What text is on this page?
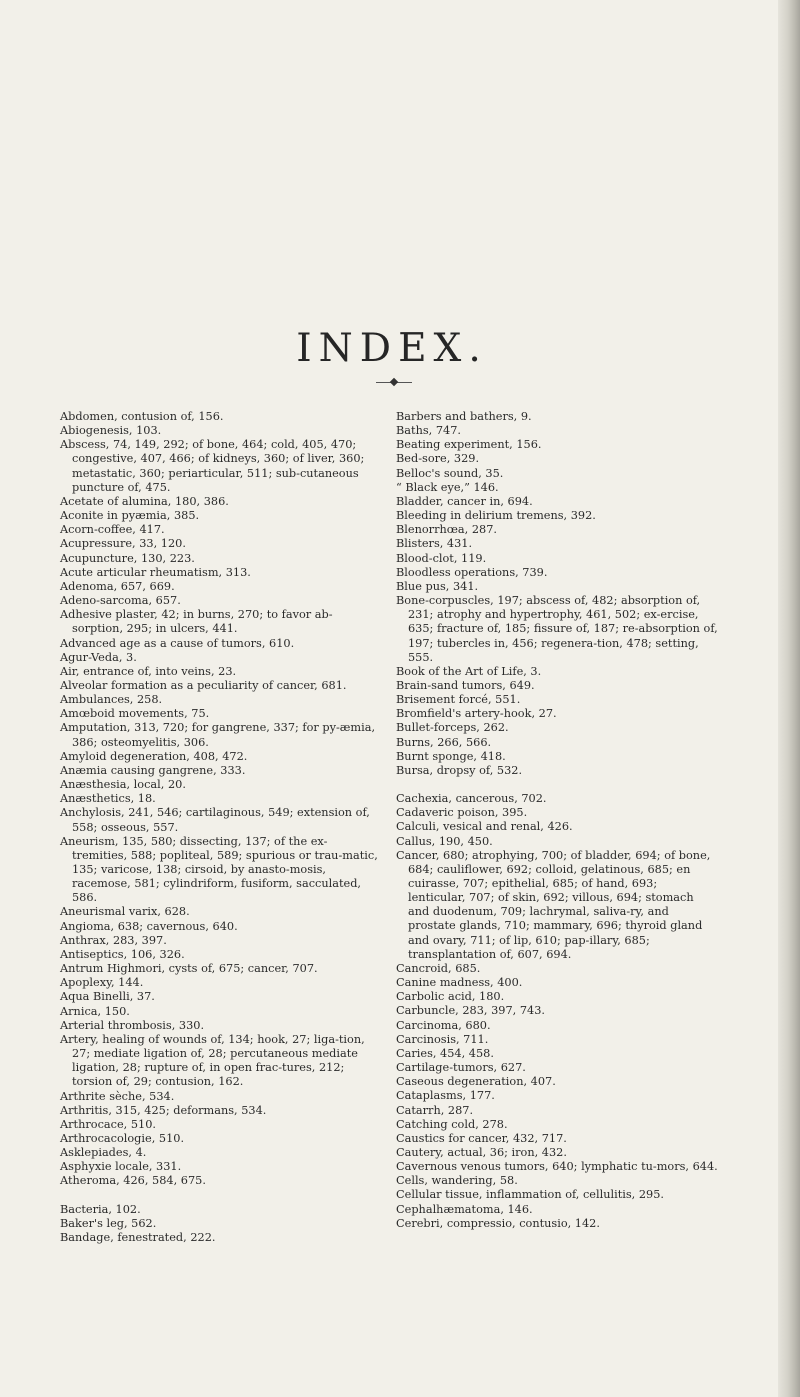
INDEX.

Abdomen, contusion of, 156.

Abiogenesis, 103.

Abscess, 74, 149, 292; of bone, 464; cold, 405, 470; congestive, 407, 466; of kidneys, 360; of liver, 360; metastatic, 360; periarticular, 511; sub-cutaneous puncture of, 475.

Acetate of alumina, 180, 386.

Aconite in pyæmia, 385.

Acorn-coffee, 417.

Acupressure, 33, 120.

Acupuncture, 130, 223.

Acute articular rheumatism, 313.

Adenoma, 657, 669.

Adeno-sarcoma, 657.

Adhesive plaster, 42; in burns, 270; to favor ab-sorption, 295; in ulcers, 441.

Advanced age as a cause of tumors, 610.

Agur-Veda, 3.

Air, entrance of, into veins, 23.

Alveolar formation as a peculiarity of cancer, 681.

Ambulances, 258.

Amœboid movements, 75.

Amputation, 313, 720; for gangrene, 337; for py-æmia, 386; osteomyelitis, 306.

Amyloid degeneration, 408, 472.

Anæmia causing gangrene, 333.

Anæsthesia, local, 20.

Anæsthetics, 18.

Anchylosis, 241, 546; cartilaginous, 549; extension of, 558; osseous, 557.

Aneurism, 135, 580; dissecting, 137; of the ex-tremities, 588; popliteal, 589; spurious or trau-matic, 135; varicose, 138; cirsoid, by anasto-mosis, racemose, 581; cylindriform, fusiform, sacculated, 586.

Aneurismal varix, 628.

Angioma, 638; cavernous, 640.

Anthrax, 283, 397.

Antiseptics, 106, 326.

Antrum Highmori, cysts of, 675; cancer, 707.

Apoplexy, 144.

Aqua Binelli, 37.

Arnica, 150.

Arterial thrombosis, 330.

Artery, healing of wounds of, 134; hook, 27; liga-tion, 27; mediate ligation of, 28; percutaneous mediate ligation, 28; rupture of, in open frac-tures, 212; torsion of, 29; contusion, 162.

Arthrite sèche, 534.

Arthritis, 315, 425; deformans, 534.

Arthrocace, 510.

Arthrocacologie, 510.

Asklepiades, 4.

Asphyxie locale, 331.

Atheroma, 426, 584, 675.

Bacteria, 102.

Baker's leg, 562.

Bandage, fenestrated, 222.

Barbers and bathers, 9.

Baths, 747.

Beating experiment, 156.

Bed-sore, 329.

Belloc's sound, 35.

“ Black eye,” 146.

Bladder, cancer in, 694.

Bleeding in delirium tremens, 392.

Blenorrhœa, 287.

Blisters, 431.

Blood-clot, 119.

Bloodless operations, 739.

Blue pus, 341.

Bone-corpuscles, 197; abscess of, 482; absorption of, 231; atrophy and hypertrophy, 461, 502; ex-ercise, 635; fracture of, 185; fissure of, 187; re-absorption of, 197; tubercles in, 456; regenera-tion, 478; setting, 555.

Book of the Art of Life, 3.

Brain-sand tumors, 649.

Brisement forcé, 551.

Bromfield's artery-hook, 27.

Bullet-forceps, 262.

Burns, 266, 566.

Burnt sponge, 418.

Bursa, dropsy of, 532.

Cachexia, cancerous, 702.

Cadaveric poison, 395.

Calculi, vesical and renal, 426.

Callus, 190, 450.

Cancer, 680; atrophying, 700; of bladder, 694; of bone, 684; cauliflower, 692; colloid, gelatinous, 685; en cuirasse, 707; epithelial, 685; of hand, 693; lenticular, 707; of skin, 692; villous, 694; stomach and duodenum, 709; lachrymal, saliva-ry, and prostate glands, 710; mammary, 696; thyroid gland and ovary, 711; of lip, 610; pap-illary, 685; transplantation of, 607, 694.

Cancroid, 685.

Canine madness, 400.

Carbolic acid, 180.

Carbuncle, 283, 397, 743.

Carcinoma, 680.

Carcinosis, 711.

Caries, 454, 458.

Cartilage-tumors, 627.

Caseous degeneration, 407.

Cataplasms, 177.

Catarrh, 287.

Catching cold, 278.

Caustics for cancer, 432, 717.

Cautery, actual, 36; iron, 432.

Cavernous venous tumors, 640; lymphatic tu-mors, 644.

Cells, wandering, 58.

Cellular tissue, inflammation of, cellulitis, 295.

Cephalhæmatoma, 146.

Cerebri, compressio, contusio, 142.
